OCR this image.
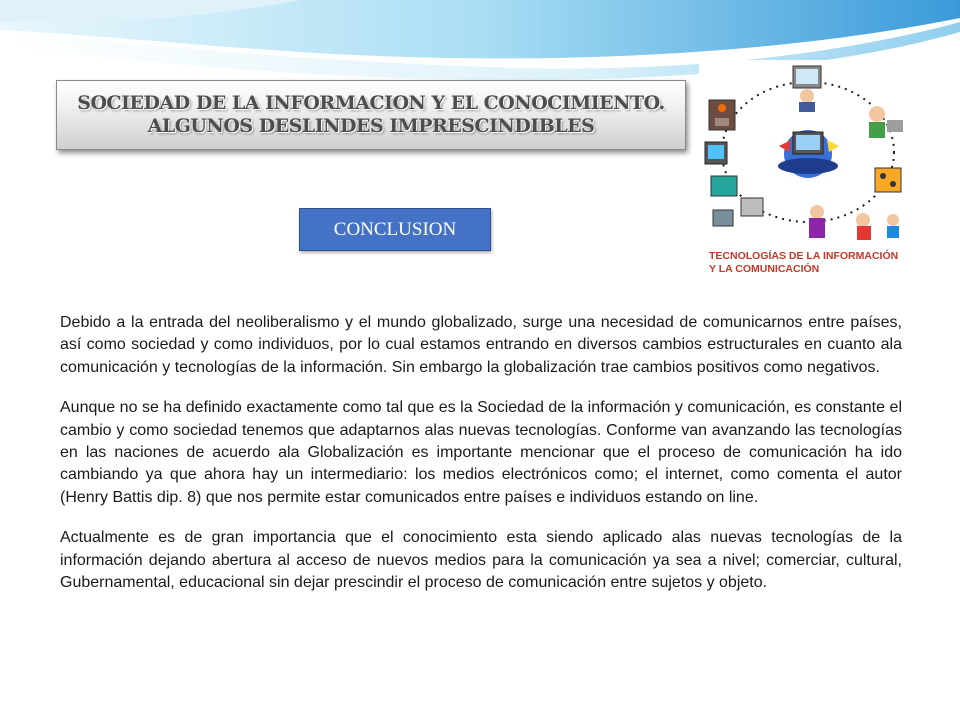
SOCIEDAD DE LA INFORMACION Y EL CONOCIMIENTO.
ALGUNOS DESLINDES IMPRESCINDIBLES
CONCLUSION
TECNOLOGÍAS DE LA INFORMACIÓN
Y LA COMUNICACIÓN

Debido a la entrada del neoliberalismo y el mundo globalizado, surge una necesidad de comunicarnos entre países, así como sociedad y como individuos, por lo cual estamos entrando en diversos cambios estructurales en cuanto ala comunicación y tecnologías de la información. Sin embargo la globalización trae cambios positivos como negativos.

Aunque no se ha definido exactamente como tal que es la Sociedad de la información y comunicación, es constante el cambio y como sociedad tenemos que adaptarnos alas nuevas tecnologías. Conforme van avanzando las tecnologías en las naciones de acuerdo ala Globalización es importante mencionar que el proceso de comunicación ha ido cambiando ya que ahora hay un intermediario: los medios electrónicos como; el internet, como comenta el autor (Henry Battis dip. 8) que nos permite estar comunicados entre países e individuos estando on line.

Actualmente es de gran importancia que el conocimiento esta siendo aplicado alas nuevas tecnologías de la información dejando abertura al acceso de nuevos medios para la comunicación ya sea a nivel; comerciar, cultural, Gubernamental, educacional sin dejar prescindir el proceso de comunicación entre sujetos y objeto.
